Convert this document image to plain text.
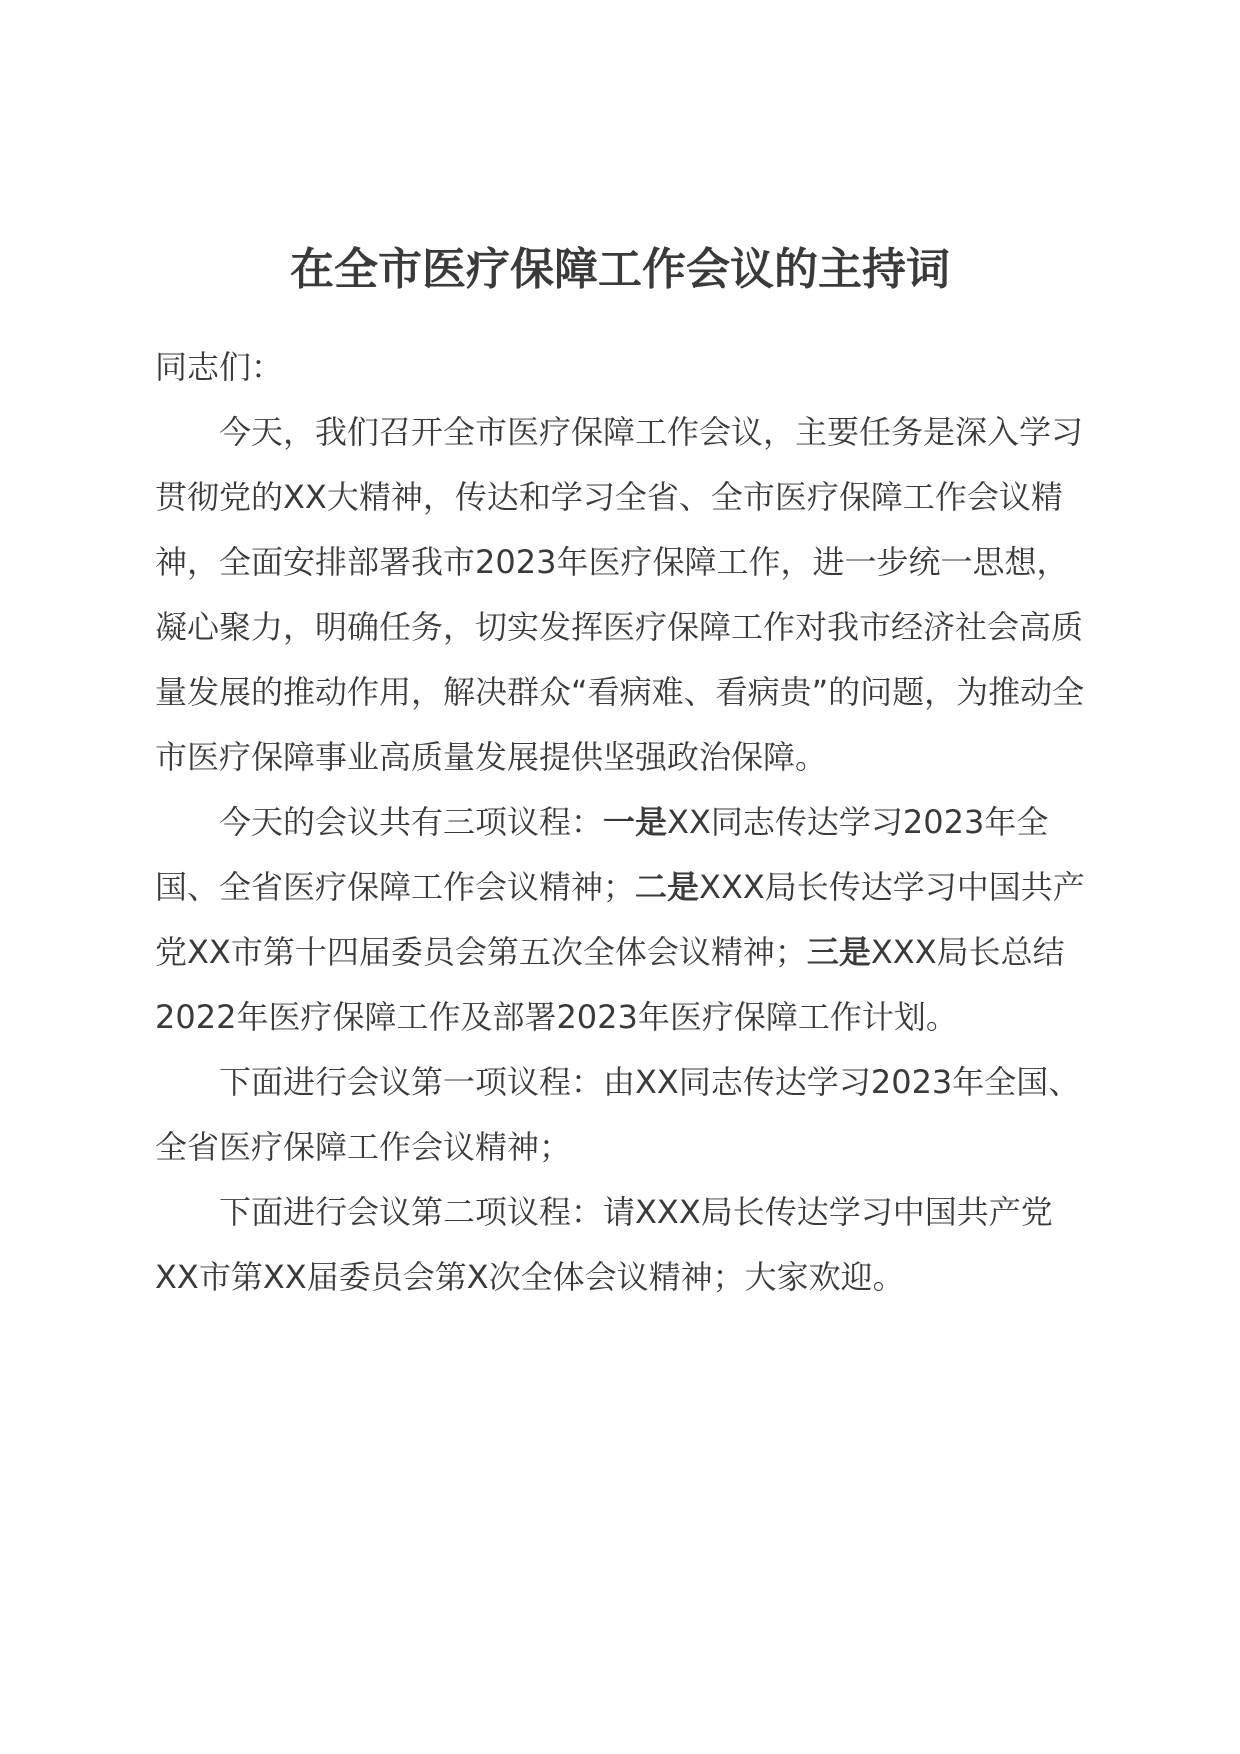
在全市医疗保障工作会议的主持词

同志们：

今天，我们召开全市医疗保障工作会议，主要任务是深入学习贯彻党的XX大精神，传达和学习全省、全市医疗保障工作会议精神，全面安排部署我市2023年医疗保障工作，进一步统一思想，凝心聚力，明确任务，切实发挥医疗保障工作对我市经济社会高质量发展的推动作用，解决群众“看病难、看病贵”的问题，为推动全市医疗保障事业高质量发展提供坚强政治保障。

今天的会议共有三项议程：一是XX同志传达学习2023年全国、全省医疗保障工作会议精神；二是XXX局长传达学习中国共产党XX市第十四届委员会第五次全体会议精神；三是XXX局长总结2022年医疗保障工作及部署2023年医疗保障工作计划。

下面进行会议第一项议程：由XX同志传达学习2023年全国、全省医疗保障工作会议精神；

下面进行会议第二项议程：请XXX局长传达学习中国共产党XX市第XX届委员会第X次全体会议精神；大家欢迎。
